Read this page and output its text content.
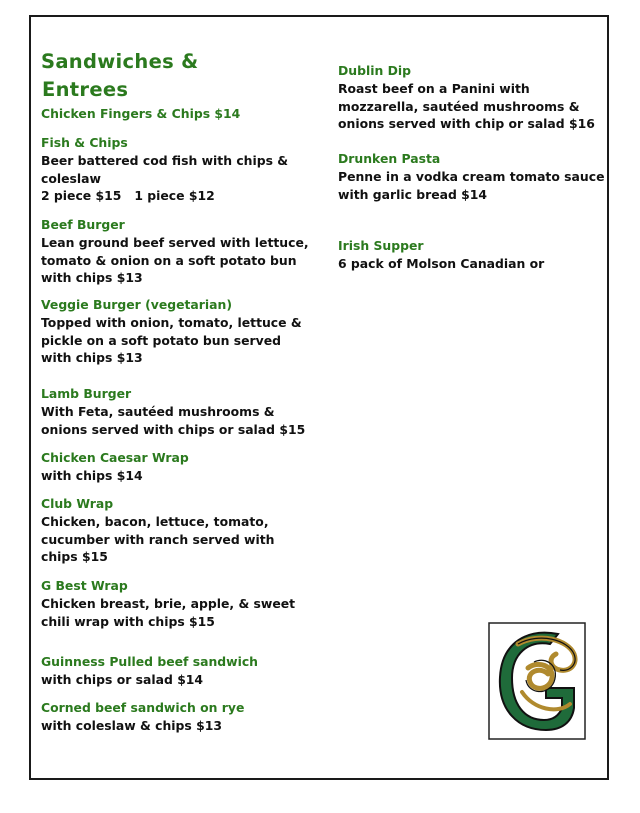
Sandwiches &
Entrees
Chicken Fingers & Chips $14
Fish & Chips
Beer battered cod fish with chips &
coleslaw
2 piece $15   1 piece $12
Beef Burger
Lean ground beef served with lettuce,
tomato & onion on a soft potato bun
with chips $13
Veggie Burger (vegetarian)
Topped with onion, tomato, lettuce &
pickle on a soft potato bun served
with chips $13
Lamb Burger
With Feta, sautéed mushrooms &
onions served with chips or salad $15
Chicken Caesar Wrap
with chips $14
Club Wrap
Chicken, bacon, lettuce, tomato,
cucumber with ranch served with
chips $15
G Best Wrap
Chicken breast, brie, apple, & sweet
chili wrap with chips $15
Guinness Pulled beef sandwich
with chips or salad $14
Corned beef sandwich on rye
with coleslaw & chips $13
Dublin Dip
Roast beef on a Panini with
mozzarella, sautéed mushrooms &
onions served with chip or salad $16
Drunken Pasta
Penne in a vodka cream tomato sauce
with garlic bread $14
Irish Supper
6 pack of Molson Canadian or
